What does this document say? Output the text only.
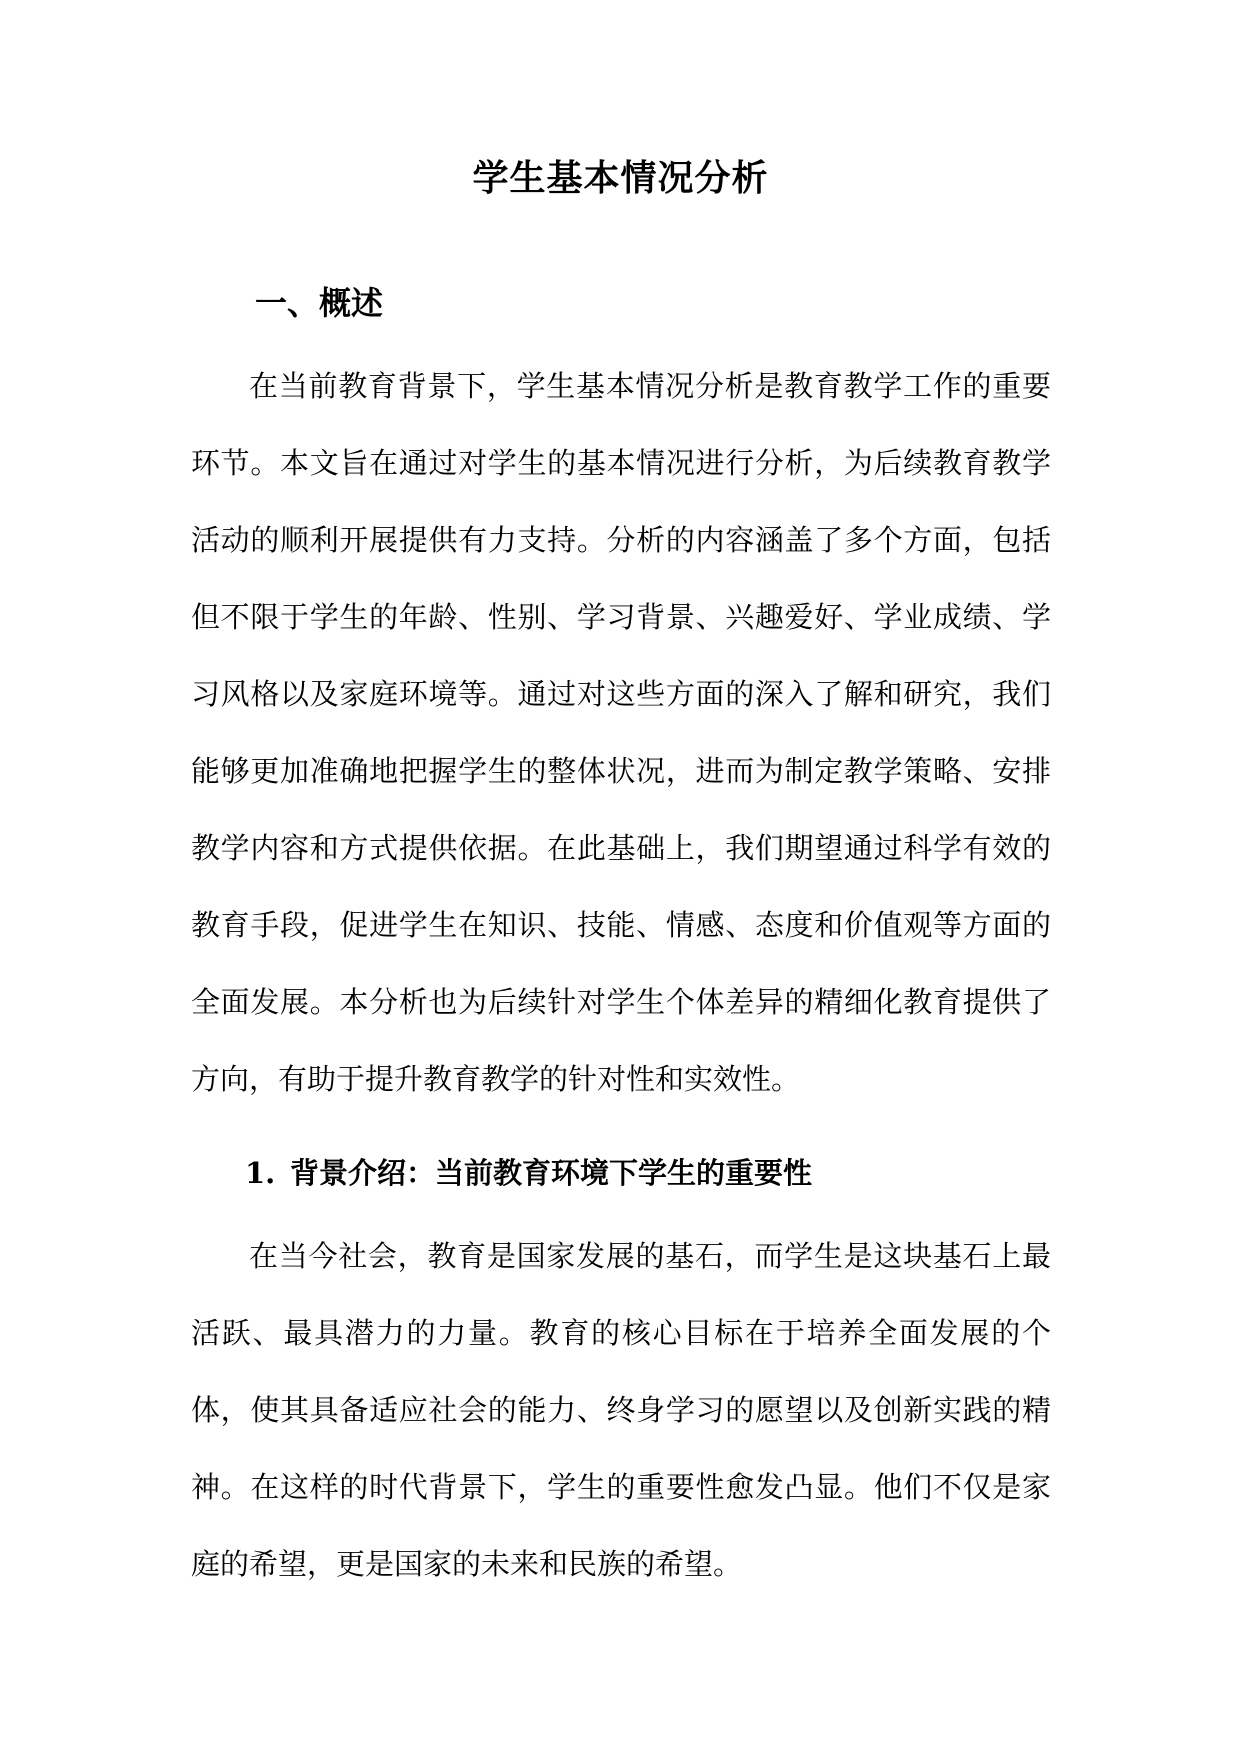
学生基本情况分析
一、概述

在当前教育背景下，学生基本情况分析是教育教学工作的重要环节。本文旨在通过对学生的基本情况进行分析，为后续教育教学活动的顺利开展提供有力支持。分析的内容涵盖了多个方面，包括但不限于学生的年龄、性别、学习背景、兴趣爱好、学业成绩、学习风格以及家庭环境等。通过对这些方面的深入了解和研究，我们能够更加准确地把握学生的整体状况，进而为制定教学策略、安排教学内容和方式提供依据。在此基础上，我们期望通过科学有效的教育手段，促进学生在知识、技能、情感、态度和价值观等方面的全面发展。本分析也为后续针对学生个体差异的精细化教育提供了方向，有助于提升教育教学的针对性和实效性。

1. 背景介绍：当前教育环境下学生的重要性

在当今社会，教育是国家发展的基石，而学生是这块基石上最活跃、最具潜力的力量。教育的核心目标在于培养全面发展的个体，使其具备适应社会的能力、终身学习的愿望以及创新实践的精神。在这样的时代背景下，学生的重要性愈发凸显。他们不仅是家庭的希望，更是国家的未来和民族的希望。
